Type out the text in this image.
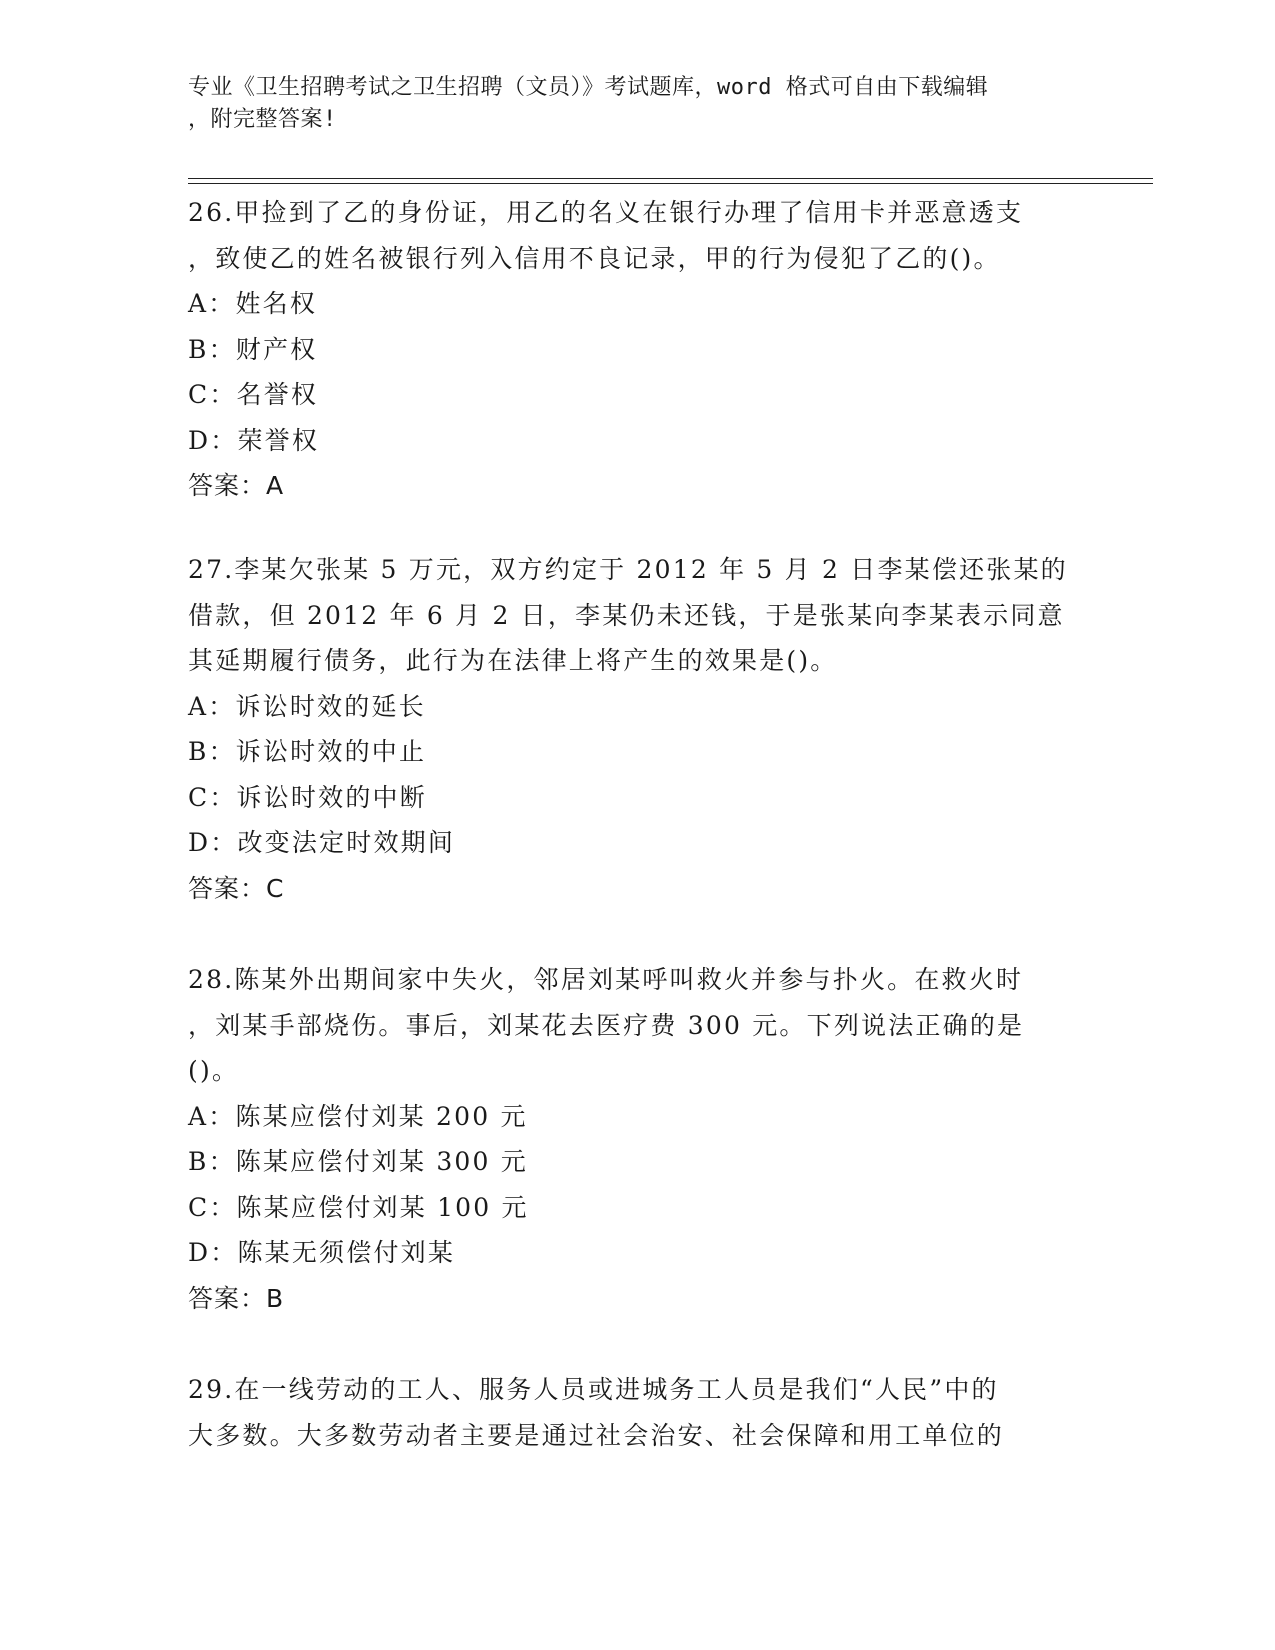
专业《卫生招聘考试之卫生招聘（文员）》考试题库，word 格式可自由下载编辑
，附完整答案!
26.甲捡到了乙的身份证，用乙的名义在银行办理了信用卡并恶意透支
，致使乙的姓名被银行列入信用不良记录，甲的行为侵犯了乙的()。
A：姓名权
B：财产权
C：名誉权
D：荣誉权
答案：A
27.李某欠张某 5 万元，双方约定于 2012 年 5 月 2 日李某偿还张某的
借款，但 2012 年 6 月 2 日，李某仍未还钱，于是张某向李某表示同意
其延期履行债务，此行为在法律上将产生的效果是()。
A：诉讼时效的延长
B：诉讼时效的中止
C：诉讼时效的中断
D：改变法定时效期间
答案：C
28.陈某外出期间家中失火，邻居刘某呼叫救火并参与扑火。在救火时
，刘某手部烧伤。事后，刘某花去医疗费 300 元。下列说法正确的是
()。
A：陈某应偿付刘某 200 元
B：陈某应偿付刘某 300 元
C：陈某应偿付刘某 100 元
D：陈某无须偿付刘某
答案：B
29.在一线劳动的工人、服务人员或进城务工人员是我们“人民”中的
大多数。大多数劳动者主要是通过社会治安、社会保障和用工单位的
